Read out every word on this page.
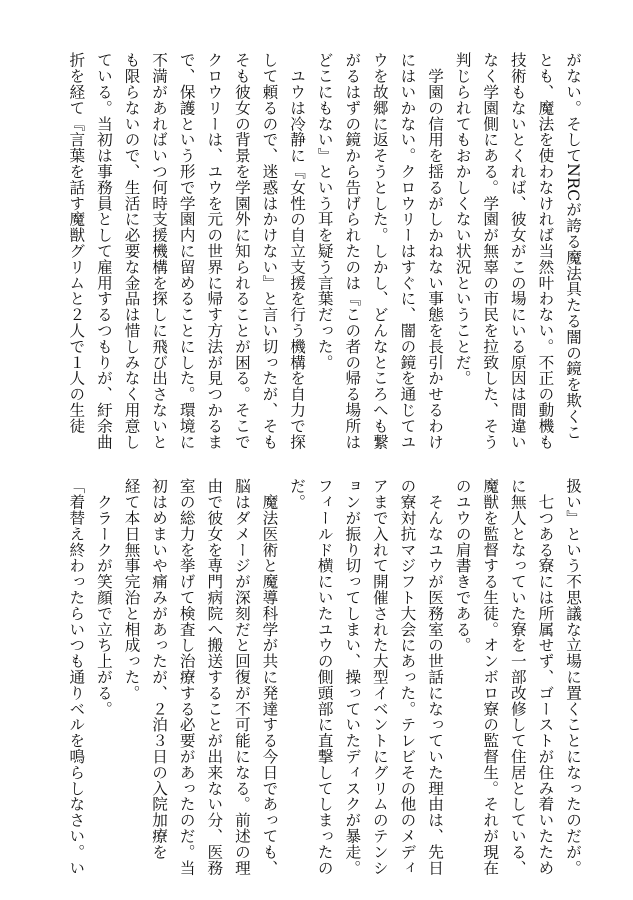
がない。そしてNRCが誇る魔法具たる闇の鏡を欺くこ
とも、魔法を使わなければ当然叶わない。不正の動機も
技術もないとくれば、彼女がこの場にいる原因は間違い
なく学園側にある。学園が無辜の市民を拉致した、そう
判じられてもおかしくない状況ということだ。
　学園の信用を揺るがしかねない事態を長引かせるわけ
にはいかない。クロウリーはすぐに、闇の鏡を通じてユ
ウを故郷に返そうとした。しかし、どんなところへも繋
がるはずの鏡から告げられたのは『この者の帰る場所は
どこにもない』という耳を疑う言葉だった。
　ユウは冷静に『女性の自立支援を行う機構を自力で探
して頼るので、迷惑はかけない』と言い切ったが、そも
そも彼女の背景を学園外に知られることが困る。そこで
クロウリーは、ユウを元の世界に帰す方法が見つかるま
で、保護という形で学園内に留めることにした。環境に
不満があればいつ何時支援機構を探しに飛び出さないと
も限らないので、生活に必要な金品は惜しみなく用意し
ている。当初は事務員として雇用するつもりが、紆余曲
折を経て『言葉を話す魔獣グリムと２人で１人の生徒
扱い』という不思議な立場に置くことになったのだが。
　七つある寮には所属せず、ゴーストが住み着いたため
に無人となっていた寮を一部改修して住居としている、
魔獣を監督する生徒。オンボロ寮の監督生。それが現在
のユウの肩書きである。
　そんなユウが医務室の世話になっていた理由は、先日
の寮対抗マジフト大会にあった。テレビその他のメディ
アまで入れて開催された大型イベントにグリムのテンシ
ョンが振り切ってしまい、操っていたディスクが暴走。
フィールド横にいたユウの側頭部に直撃してしまったの
だ。
　魔法医術と魔導科学が共に発達する今日であっても、
脳はダメージが深刻だと回復が不可能になる。前述の理
由で彼女を専門病院へ搬送することが出来ない分、医務
室の総力を挙げて検査し治療する必要があったのだ。当
初はめまいや痛みがあったが、２泊３日の入院加療を
経て本日無事完治と相成った。
　クラークが笑顔で立ち上がる。
「着替え終わったらいつも通りベルを鳴らしなさい。い
